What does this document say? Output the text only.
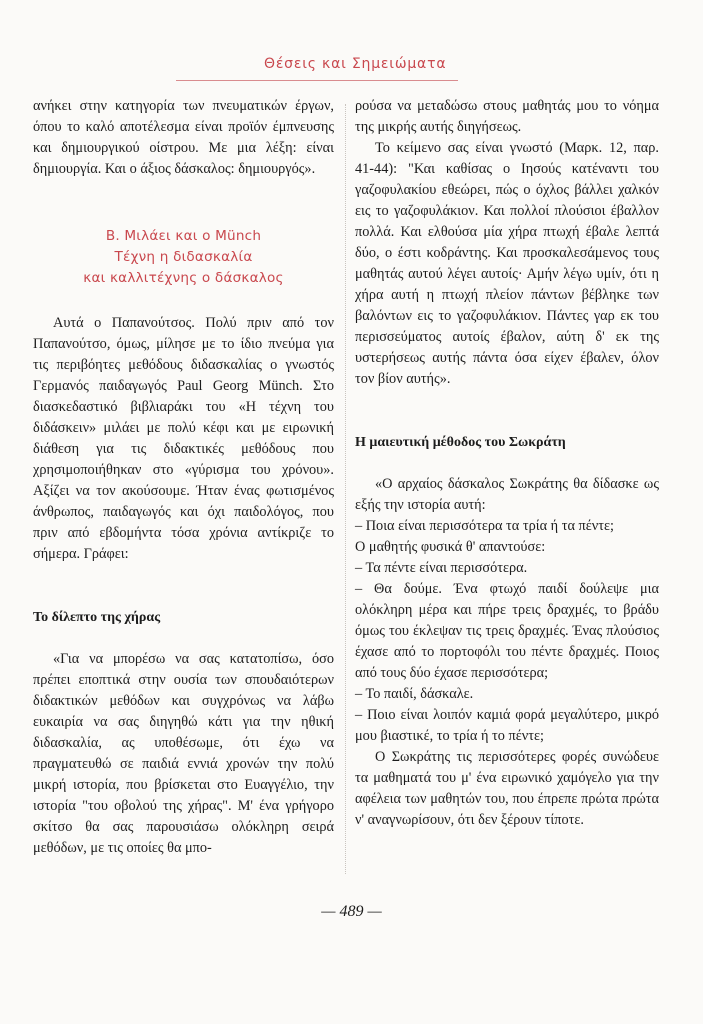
Θέσεις και Σημειώματα

ανήκει στην κατηγορία των πνευματικών έργων, όπου το καλό αποτέλεσμα είναι προϊόν έμπνευσης και δημιουργικού οίστρου. Με μια λέξη: είναι δημιουργία. Και ο άξιος δάσκαλος: δημιουργός».

Β. Μιλάει και ο Münch
Τέχνη η διδασκαλία
και καλλιτέχνης ο δάσκαλος

Αυτά ο Παπανούτσος. Πολύ πριν από τον Παπανούτσο, όμως, μίλησε με το ίδιο πνεύμα για τις περιβόητες μεθόδους διδασκαλίας ο γνωστός Γερμανός παιδαγωγός Paul Georg Münch. Στο διασκεδαστικό βιβλιαράκι του «Η τέχνη του διδάσκειν» μιλάει με πολύ κέφι και με ειρωνική διάθεση για τις διδακτικές μεθόδους που χρησιμοποιήθηκαν στο «γύρισμα του χρόνου». Αξίζει να τον ακούσουμε. Ήταν ένας φωτισμένος άνθρωπος, παιδαγωγός και όχι παιδολόγος, που πριν από εβδομήντα τόσα χρόνια αντίκριζε το σήμερα. Γράφει:

Το δίλεπτο της χήρας

«Για να μπορέσω να σας κατατοπίσω, όσο πρέπει εποπτικά στην ουσία των σπουδαιότερων διδακτικών μεθόδων και συγχρόνως να λάβω ευκαιρία να σας διηγηθώ κάτι για την ηθική διδασκαλία, ας υποθέσωμε, ότι έχω να πραγματευθώ σε παιδιά εννιά χρονών την πολύ μικρή ιστορία, που βρίσκεται στο Ευαγγέλιο, την ιστορία "του οβολού της χήρας". Μ' ένα γρήγορο σκίτσο θα σας παρουσιάσω ολόκληρη σειρά μεθόδων, με τις οποίες θα μπο-

ρούσα να μεταδώσω στους μαθητάς μου το νόημα της μικρής αυτής διηγήσεως.

Το κείμενο σας είναι γνωστό (Μαρκ. 12, παρ. 41-44): "Και καθίσας ο Ιησούς κατέναντι του γαζοφυλακίου εθεώρει, πώς ο όχλος βάλλει χαλκόν εις το γαζοφυλάκιον. Και πολλοί πλούσιοι έβαλλον πολλά. Και ελθούσα μία χήρα πτωχή έβαλε λεπτά δύο, ο έστι κοδράντης. Και προσκαλεσάμενος τους μαθητάς αυτού λέγει αυτοίς· Αμήν λέγω υμίν, ότι η χήρα αυτή η πτωχή πλείον πάντων βέβληκε των βαλόντων εις το γαζοφυλάκιον. Πάντες γαρ εκ του περισσεύματος αυτοίς έβαλον, αύτη δ' εκ της υστερήσεως αυτής πάντα όσα είχεν έβαλεν, όλον τον βίον αυτής».

Η μαιευτική μέθοδος του Σωκράτη

«Ο αρχαίος δάσκαλος Σωκράτης θα δίδασκε ως εξής την ιστορία αυτή:

– Ποια είναι περισσότερα τα τρία ή τα πέντε;

Ο μαθητής φυσικά θ' απαντούσε:

– Τα πέντε είναι περισσότερα.

– Θα δούμε. Ένα φτωχό παιδί δούλεψε μια ολόκληρη μέρα και πήρε τρεις δραχμές, το βράδυ όμως του έκλεψαν τις τρεις δραχμές. Ένας πλούσιος έχασε από το πορτοφόλι του πέντε δραχμές. Ποιος από τους δύο έχασε περισσότερα;

– Το παιδί, δάσκαλε.

– Ποιο είναι λοιπόν καμιά φορά μεγαλύτερο, μικρό μου βιαστικέ, το τρία ή το πέντε;

Ο Σωκράτης τις περισσότερες φορές συνώδευε τα μαθηματά του μ' ένα ειρωνικό χαμόγελο για την αφέλεια των μαθητών του, που έπρεπε πρώτα πρώτα ν' αναγνωρίσουν, ότι δεν ξέρουν τίποτε.

— 489 —
